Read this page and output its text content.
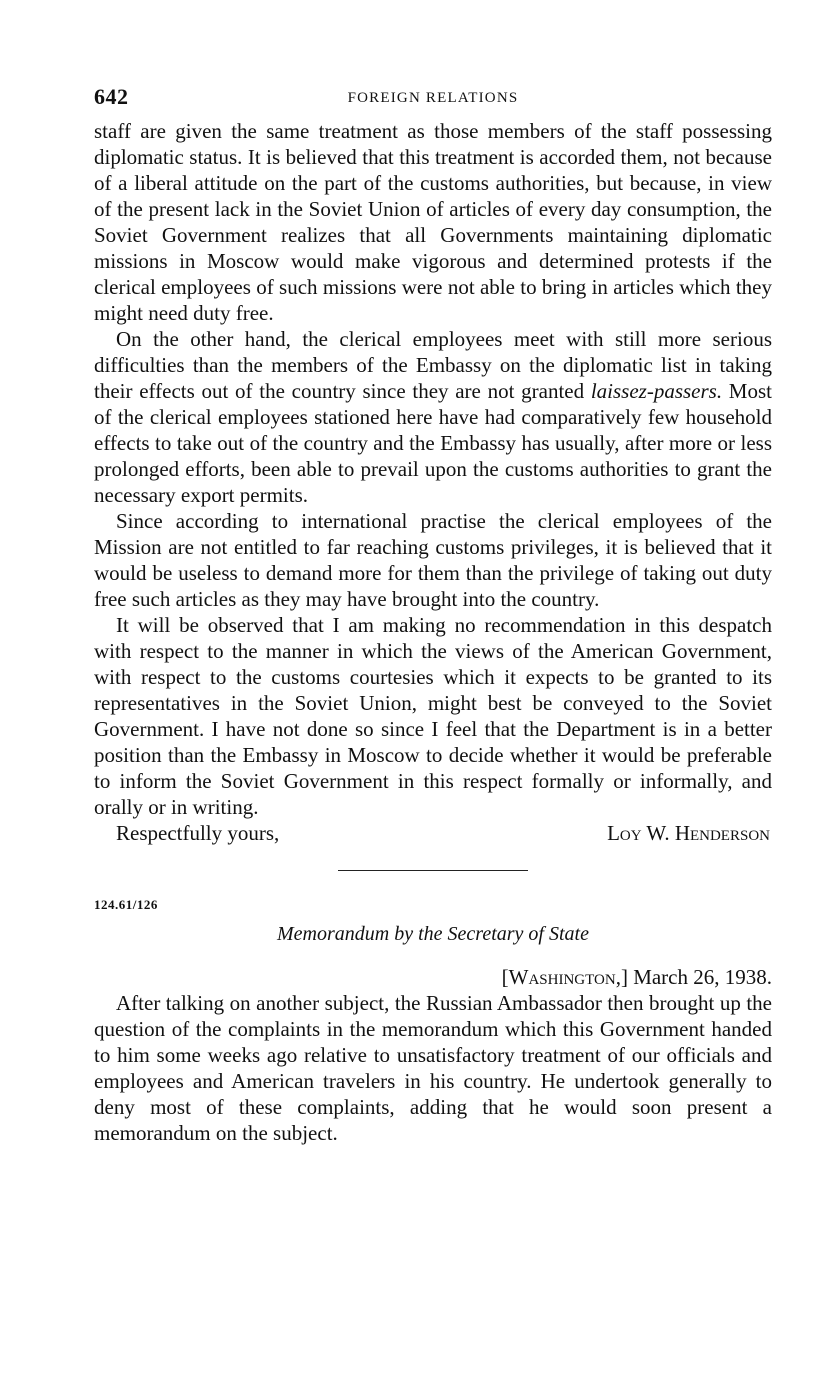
642	FOREIGN RELATIONS

staff are given the same treatment as those members of the staff possessing diplomatic status. It is believed that this treatment is accorded them, not because of a liberal attitude on the part of the customs authorities, but because, in view of the present lack in the Soviet Union of articles of every day consumption, the Soviet Government realizes that all Governments maintaining diplomatic missions in Moscow would make vigorous and determined protests if the clerical employees of such missions were not able to bring in articles which they might need duty free.

On the other hand, the clerical employees meet with still more serious difficulties than the members of the Embassy on the diplomatic list in taking their effects out of the country since they are not granted laissez-passers. Most of the clerical employees stationed here have had comparatively few household effects to take out of the country and the Embassy has usually, after more or less prolonged efforts, been able to prevail upon the customs authorities to grant the necessary export permits.

Since according to international practise the clerical employees of the Mission are not entitled to far reaching customs privileges, it is believed that it would be useless to demand more for them than the privilege of taking out duty free such articles as they may have brought into the country.

It will be observed that I am making no recommendation in this despatch with respect to the manner in which the views of the American Government, with respect to the customs courtesies which it expects to be granted to its representatives in the Soviet Union, might best be conveyed to the Soviet Government. I have not done so since I feel that the Department is in a better position than the Embassy in Moscow to decide whether it would be preferable to inform the Soviet Government in this respect formally or informally, and orally or in writing.

Respectfully yours,	Loy W. Henderson
124.61/126
Memorandum by the Secretary of State
[Washington,] March 26, 1938.

After talking on another subject, the Russian Ambassador then brought up the question of the complaints in the memorandum which this Government handed to him some weeks ago relative to unsatisfactory treatment of our officials and employees and American travelers in his country. He undertook generally to deny most of these complaints, adding that he would soon present a memorandum on the subject.
